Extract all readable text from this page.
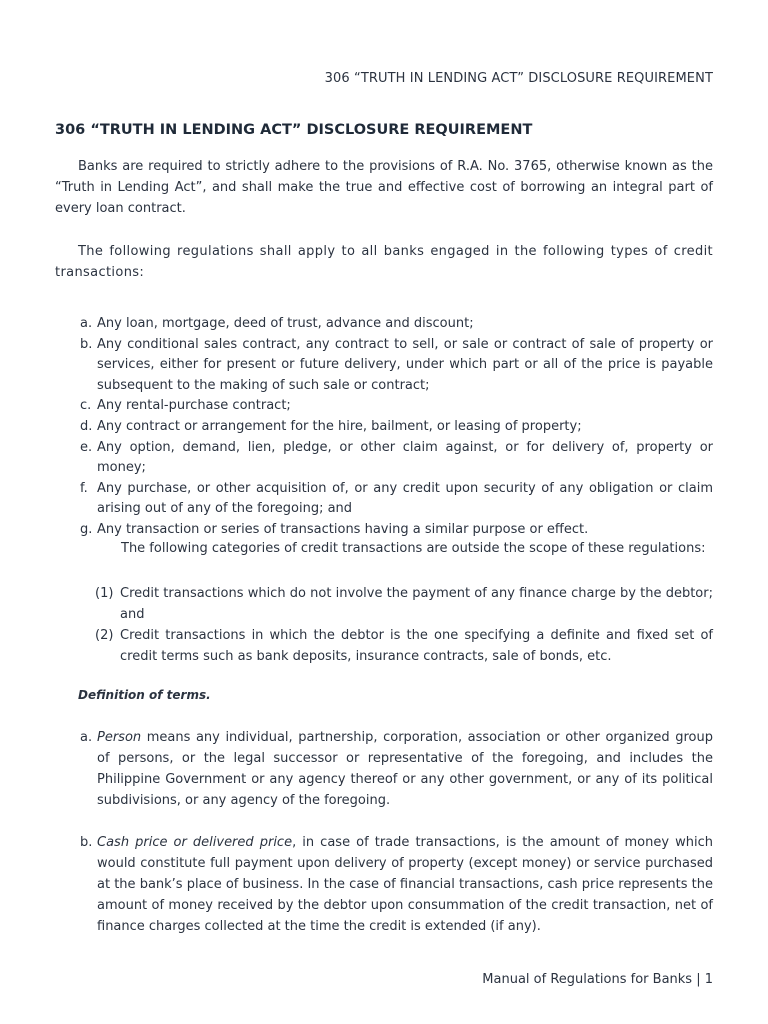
306 “TRUTH IN LENDING ACT” DISCLOSURE REQUIREMENT
306 “TRUTH IN LENDING ACT” DISCLOSURE REQUIREMENT

Banks are required to strictly adhere to the provisions of R.A. No. 3765, otherwise known as the “Truth in Lending Act”, and shall make the true and effective cost of borrowing an integral part of every loan contract.

The following regulations shall apply to all banks engaged in the following types of credit transactions:

a. Any loan, mortgage, deed of trust, advance and discount;
b. Any conditional sales contract, any contract to sell, or sale or contract of sale of property or services, either for present or future delivery, under which part or all of the price is payable subsequent to the making of such sale or contract;
c. Any rental-purchase contract;
d. Any contract or arrangement for the hire, bailment, or leasing of property;
e. Any option, demand, lien, pledge, or other claim against, or for delivery of, property or money;
f. Any purchase, or other acquisition of, or any credit upon security of any obligation or claim arising out of any of the foregoing; and
g. Any transaction or series of transactions having a similar purpose or effect.
The following categories of credit transactions are outside the scope of these regulations:
(1) Credit transactions which do not involve the payment of any finance charge by the debtor; and
(2) Credit transactions in which the debtor is the one specifying a definite and fixed set of credit terms such as bank deposits, insurance contracts, sale of bonds, etc.
Definition of terms.
a. Person means any individual, partnership, corporation, association or other organized group of persons, or the legal successor or representative of the foregoing, and includes the Philippine Government or any agency thereof or any other government, or any of its political subdivisions, or any agency of the foregoing.
b. Cash price or delivered price, in case of trade transactions, is the amount of money which would constitute full payment upon delivery of property (except money) or service purchased at the bank’s place of business. In the case of financial transactions, cash price represents the amount of money received by the debtor upon consummation of the credit transaction, net of finance charges collected at the time the credit is extended (if any).
Manual of Regulations for Banks | 1
